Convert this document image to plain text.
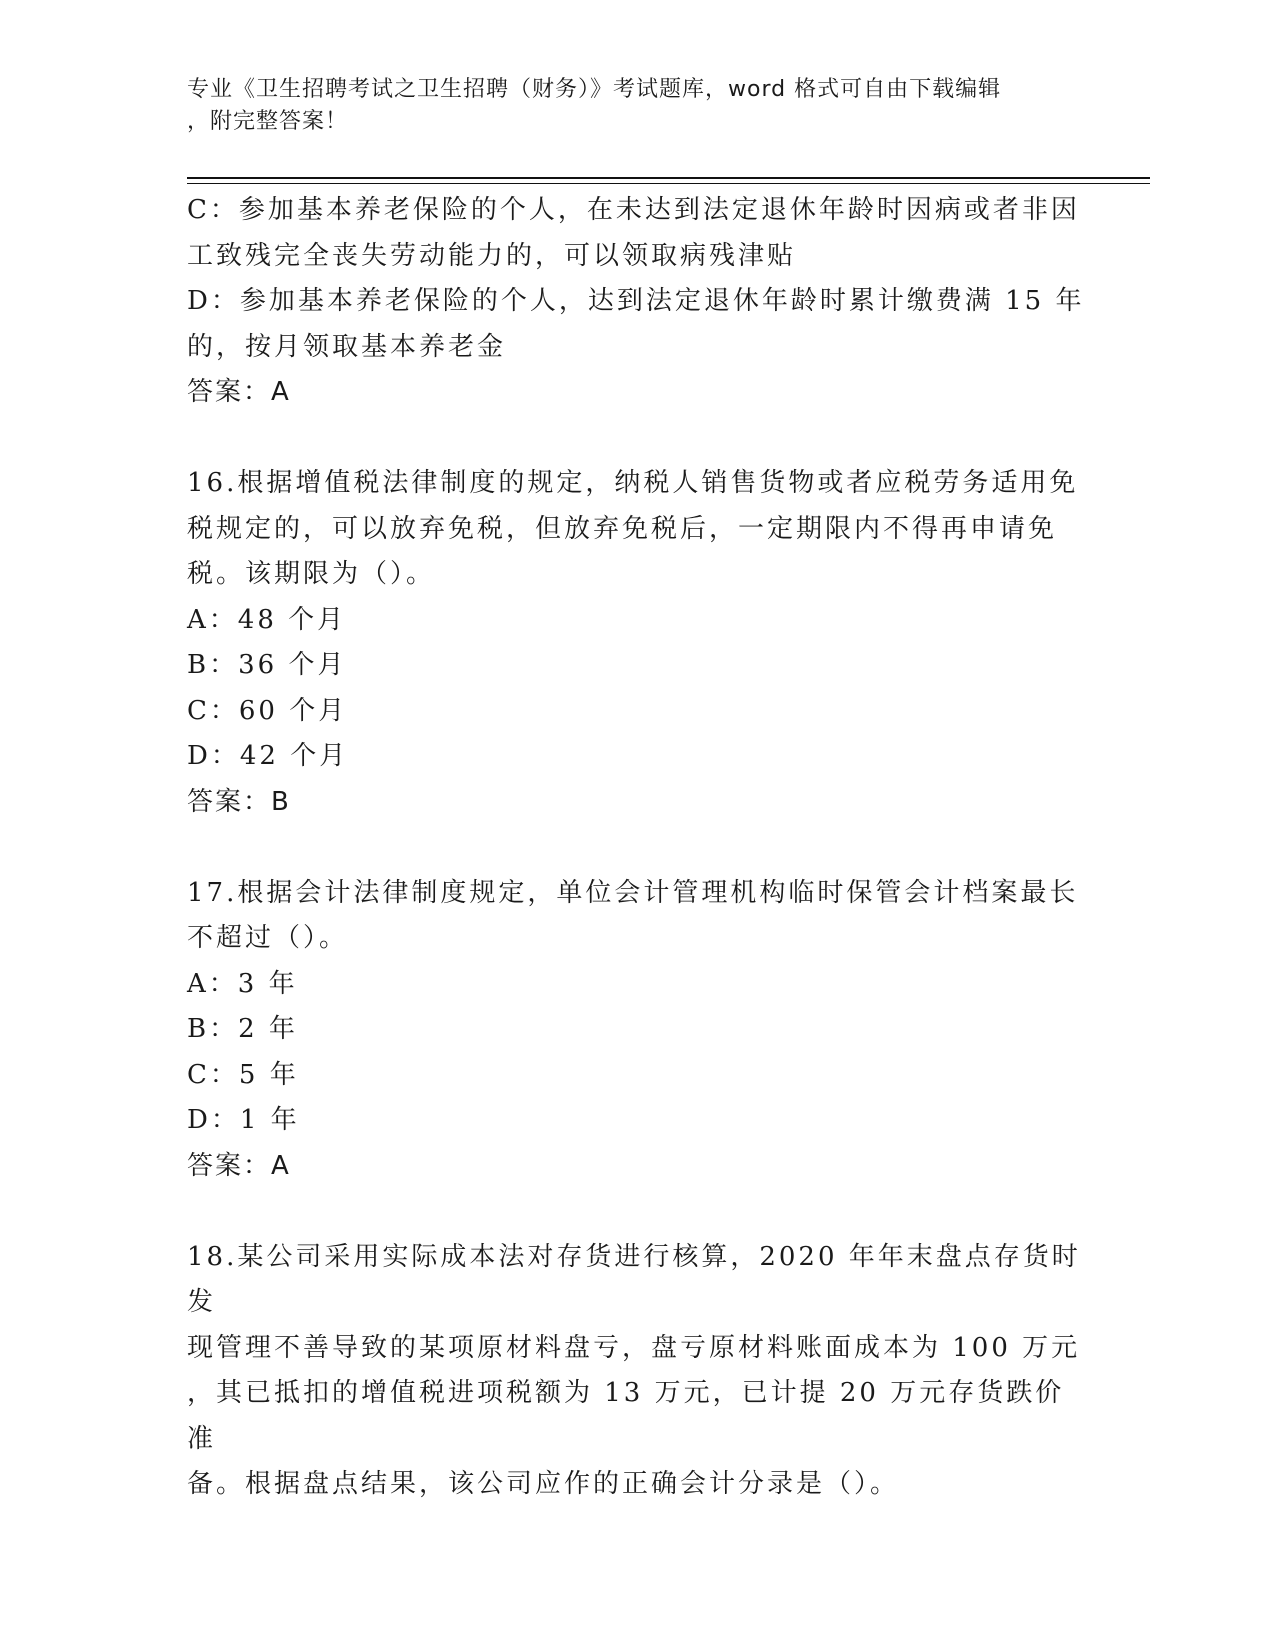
专业《卫生招聘考试之卫生招聘（财务）》考试题库，word 格式可自由下载编辑
，附完整答案！

C：参加基本养老保险的个人，在未达到法定退休年龄时因病或者非因

工致残完全丧失劳动能力的，可以领取病残津贴

D：参加基本养老保险的个人，达到法定退休年龄时累计缴费满 15 年

的，按月领取基本养老金

答案：A

16.根据增值税法律制度的规定，纳税人销售货物或者应税劳务适用免

税规定的，可以放弃免税，但放弃免税后，一定期限内不得再申请免

税。该期限为（）。

A：48 个月

B：36 个月

C：60 个月

D：42 个月

答案：B

17.根据会计法律制度规定，单位会计管理机构临时保管会计档案最长

不超过（）。

A：3 年

B：2 年

C：5 年

D：1 年

答案：A

18.某公司采用实际成本法对存货进行核算，2020 年年末盘点存货时发

现管理不善导致的某项原材料盘亏，盘亏原材料账面成本为 100 万元

，其已抵扣的增值税进项税额为 13 万元，已计提 20 万元存货跌价准

备。根据盘点结果，该公司应作的正确会计分录是（）。
